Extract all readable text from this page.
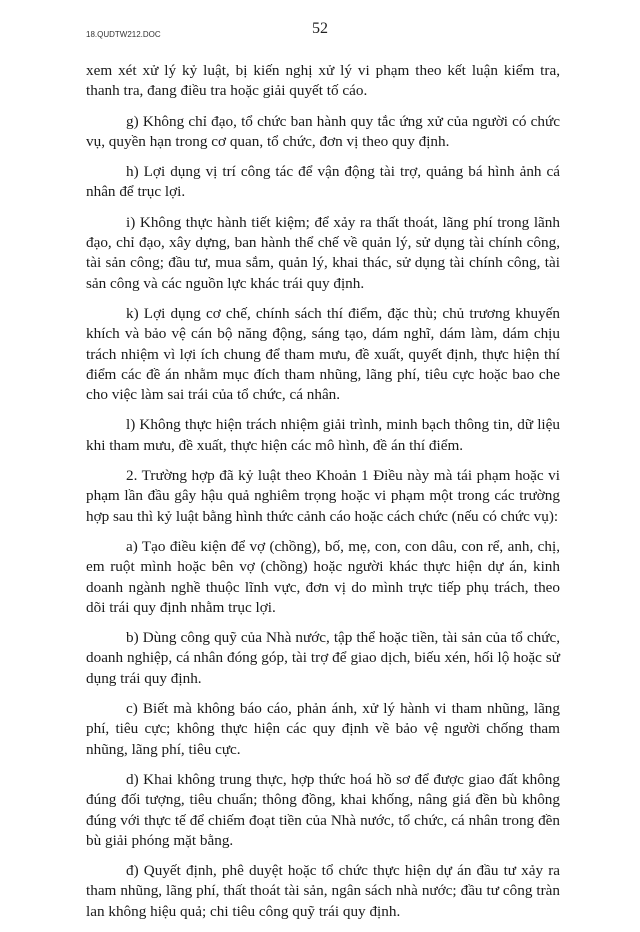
18.QUDTW212.DOC	52

xem xét xử lý kỷ luật, bị kiến nghị xử lý vi phạm theo kết luận kiểm tra, thanh tra, đang điều tra hoặc giải quyết tố cáo.

g) Không chỉ đạo, tổ chức ban hành quy tắc ứng xử của người có chức vụ, quyền hạn trong cơ quan, tổ chức, đơn vị theo quy định.

h) Lợi dụng vị trí công tác để vận động tài trợ, quảng bá hình ảnh cá nhân để trục lợi.

i) Không thực hành tiết kiệm; để xảy ra thất thoát, lãng phí trong lãnh đạo, chỉ đạo, xây dựng, ban hành thể chế về quản lý, sử dụng tài chính công, tài sản công; đầu tư, mua sắm, quản lý, khai thác, sử dụng tài chính công, tài sản công và các nguồn lực khác trái quy định.

k) Lợi dụng cơ chế, chính sách thí điểm, đặc thù; chủ trương khuyến khích và bảo vệ cán bộ năng động, sáng tạo, dám nghĩ, dám làm, dám chịu trách nhiệm vì lợi ích chung để tham mưu, đề xuất, quyết định, thực hiện thí điểm các đề án nhằm mục đích tham nhũng, lãng phí, tiêu cực hoặc bao che cho việc làm sai trái của tổ chức, cá nhân.

l) Không thực hiện trách nhiệm giải trình, minh bạch thông tin, dữ liệu khi tham mưu, đề xuất, thực hiện các mô hình, đề án thí điểm.

2. Trường hợp đã kỷ luật theo Khoản 1 Điều này mà tái phạm hoặc vi phạm lần đầu gây hậu quả nghiêm trọng hoặc vi phạm một trong các trường hợp sau thì kỷ luật bằng hình thức cảnh cáo hoặc cách chức (nếu có chức vụ):

a) Tạo điều kiện để vợ (chồng), bố, mẹ, con, con dâu, con rể, anh, chị, em ruột mình hoặc bên vợ (chồng) hoặc người khác thực hiện dự án, kinh doanh ngành nghề thuộc lĩnh vực, đơn vị do mình trực tiếp phụ trách, theo dõi trái quy định nhằm trục lợi.

b) Dùng công quỹ của Nhà nước, tập thể hoặc tiền, tài sản của tổ chức, doanh nghiệp, cá nhân đóng góp, tài trợ để giao dịch, biếu xén, hối lộ hoặc sử dụng trái quy định.

c) Biết mà không báo cáo, phản ánh, xử lý hành vi tham nhũng, lãng phí, tiêu cực; không thực hiện các quy định về bảo vệ người chống tham nhũng, lãng phí, tiêu cực.

d) Khai không trung thực, hợp thức hoá hồ sơ để được giao đất không đúng đối tượng, tiêu chuẩn; thông đồng, khai khống, nâng giá đền bù không đúng với thực tế để chiếm đoạt tiền của Nhà nước, tổ chức, cá nhân trong đền bù giải phóng mặt bằng.

đ) Quyết định, phê duyệt hoặc tổ chức thực hiện dự án đầu tư xảy ra tham nhũng, lãng phí, thất thoát tài sản, ngân sách nhà nước; đầu tư công tràn lan không hiệu quả; chi tiêu công quỹ trái quy định.
